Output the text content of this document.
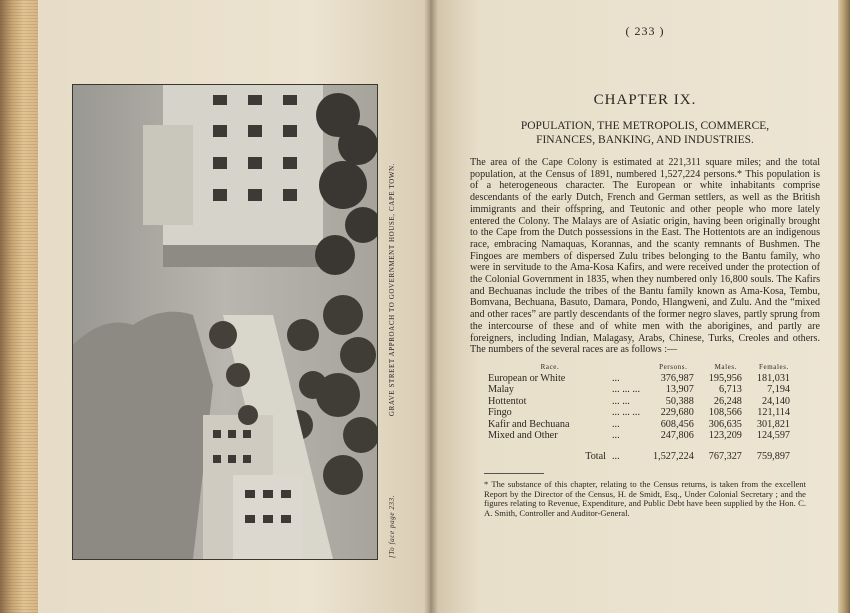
[To face page 233.
GRAVE STREET APPROACH TO GOVERNMENT HOUSE, CAPE TOWN.
( 233 )
CHAPTER IX.
POPULATION, THE METROPOLIS, COMMERCE,
FINANCES, BANKING, AND INDUSTRIES.

The area of the Cape Colony is estimated at 221,311 square miles; and the total population, at the Census of 1891, numbered 1,527,224 persons.* This population is of a heterogeneous character. The European or white inhabitants comprise descendants of the early Dutch, French and German settlers, as well as the British immigrants and their offspring, and Teutonic and other people who more lately entered the Colony. The Malays are of Asiatic origin, having been originally brought to the Cape from the Dutch possessions in the East. The Hottentots are an indigenous race, embracing Namaquas, Korannas, and the scanty remnants of Bushmen. The Fingoes are members of dispersed Zulu tribes belonging to the Bantu family, who were in servitude to the Ama-Kosa Kafirs, and were received under the protection of the Colonial Government in 1835, when they numbered only 16,800 souls. The Kafirs and Bechuanas include the tribes of the Bantu family known as Ama-Kosa, Tembu, Bomvana, Bechuana, Basuto, Damara, Pondo, Hlangweni, and Zulu. And the “mixed and other races” are partly descendants of the former negro slaves, partly sprung from the intercourse of these and of white men with the aborigines, and partly are foreigners, including Indian, Malagasy, Arabs, Chinese, Turks, Creoles and others. The numbers of the several races are as follows :—

Race.		Persons.	Males.	Females.
European or White	...	376,987	195,956	181,031
Malay	... ... ...	13,907	6,713	7,194
Hottentot	... ...	50,388	26,248	24,140
Fingo	... ... ...	229,680	108,566	121,114
Kafir and Bechuana	...	608,456	306,635	301,821
Mixed and Other	...	247,806	123,209	124,597
Total	...	1,527,224	767,327	759,897
* The substance of this chapter, relating to the Census returns, is taken from the excellent Report by the Director of the Census, H. de Smidt, Esq., Under Colonial Secretary ; and the figures relating to Revenue, Expenditure, and Public Debt have been supplied by the Hon. C. A. Smith, Controller and Auditor-General.
